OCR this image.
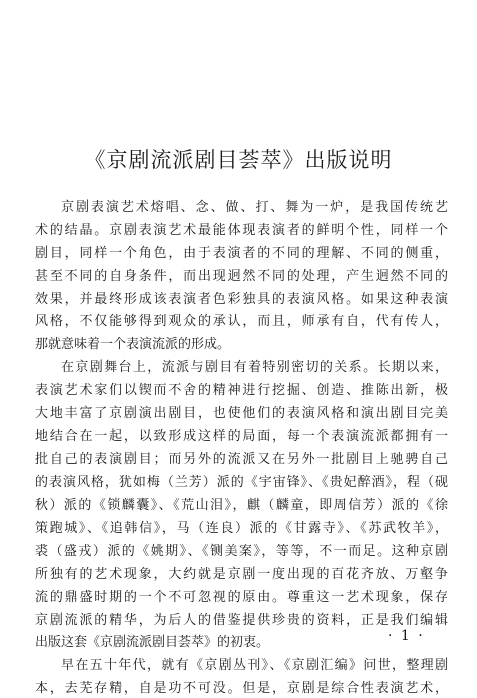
《京剧流派剧目荟萃》出版说明
京剧表演艺术熔唱、念、做、打、舞为一炉，是我国传统艺
术的结晶。京剧表演艺术最能体现表演者的鲜明个性，同样一个
剧目，同样一个角色，由于表演者的不同的理解、不同的侧重，
甚至不同的自身条件，而出现迥然不同的处理，产生迥然不同的
效果，并最终形成该表演者色彩独具的表演风格。如果这种表演
风格，不仅能够得到观众的承认，而且，师承有自，代有传人，
那就意味着一个表演流派的形成。
在京剧舞台上，流派与剧目有着特别密切的关系。长期以来，
表演艺术家们以锲而不舍的精神进行挖掘、创造、推陈出新，极
大地丰富了京剧演出剧目，也使他们的表演风格和演出剧目完美
地结合在一起，以致形成这样的局面，每一个表演流派都拥有一
批自己的表演剧目；而另外的流派又在另外一批剧目上驰骋自己
的表演风格，犹如梅（兰芳）派的《宇宙锋》、《贵妃醉酒》，程（砚
秋）派的《锁麟囊》、《荒山泪》，麒（麟童，即周信芳）派的《徐
策跑城》、《追韩信》，马（连良）派的《甘露寺》、《苏武牧羊》，
裘（盛戎）派的《姚期》、《铡美案》，等等，不一而足。这种京剧
所独有的艺术现象，大约就是京剧一度出现的百花齐放、万壑争
流的鼎盛时期的一个不可忽视的原由。尊重这一艺术现象，保存
京剧流派的精华，为后人的借鉴提供珍贵的资料，正是我们编辑
出版这套《京剧流派剧目荟萃》的初衷。
早在五十年代，就有《京剧丛刊》、《京剧汇编》问世，整理剧
本，去芜存精，自是功不可没。但是，京剧是综合性表演艺术，
· 1 ·
